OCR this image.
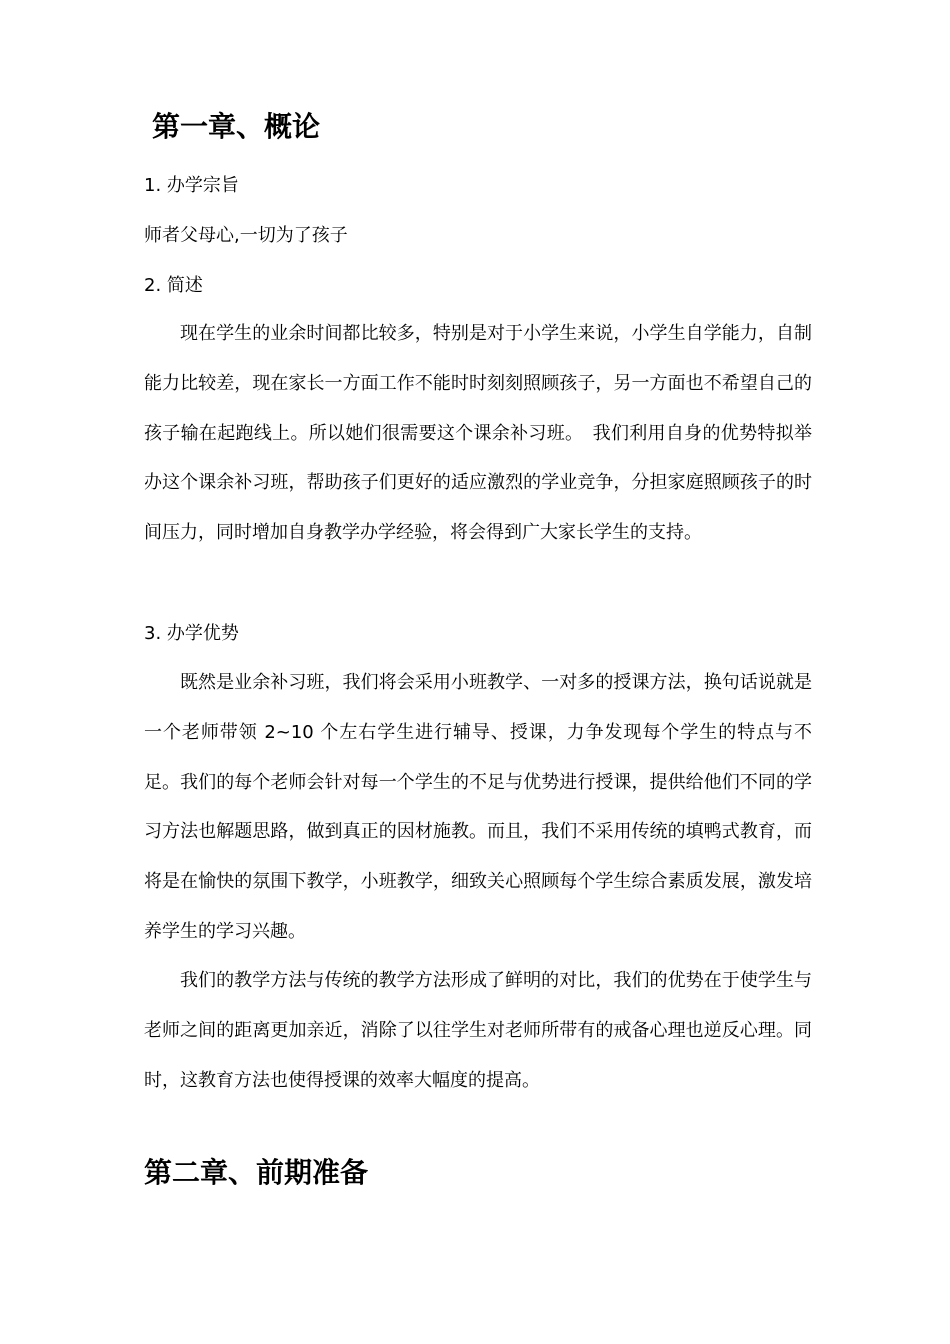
第一章、概论

1. 办学宗旨

师者父母心,一切为了孩子

2. 简述

现在学生的业余时间都比较多，特别是对于小学生来说，小学生自学能力，自制能力比较差，现在家长一方面工作不能时时刻刻照顾孩子，另一方面也不希望自己的孩子输在起跑线上。所以她们很需要这个课余补习班。　我们利用自身的优势特拟举办这个课余补习班，帮助孩子们更好的适应激烈的学业竞争，分担家庭照顾孩子的时间压力，同时增加自身教学办学经验，将会得到广大家长学生的支持。

3. 办学优势

既然是业余补习班，我们将会采用小班教学、一对多的授课方法，换句话说就是一个老师带领 2~10 个左右学生进行辅导、授课，力争发现每个学生的特点与不足。我们的每个老师会针对每一个学生的不足与优势进行授课，提供给他们不同的学习方法也解题思路，做到真正的因材施教。而且，我们不采用传统的填鸭式教育，而将是在愉快的氛围下教学，小班教学，细致关心照顾每个学生综合素质发展，激发培养学生的学习兴趣。

我们的教学方法与传统的教学方法形成了鲜明的对比，我们的优势在于使学生与老师之间的距离更加亲近，消除了以往学生对老师所带有的戒备心理也逆反心理。同时，这教育方法也使得授课的效率大幅度的提高。

第二章、前期准备
